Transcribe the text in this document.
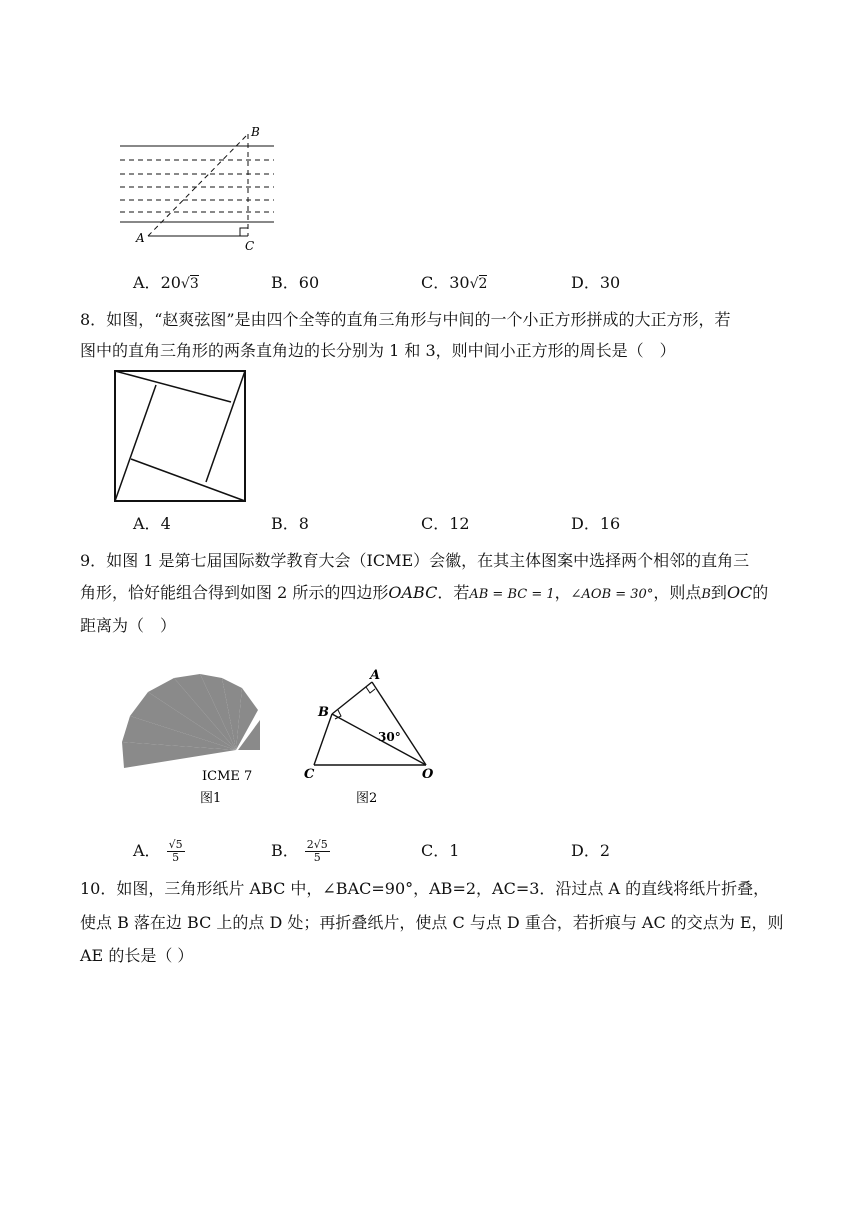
A
B
C
A．20√3	B．60	C．30√2	D．30
8．如图，“赵爽弦图”是由四个全等的直角三角形与中间的一个小正方形拼成的大正方形，若
图中的直角三角形的两条直角边的长分别为 1 和 3，则中间小正方形的周长是（　）
A．4	B．8	C．12	D．16
9．如图 1 是第七届国际数学教育大会（ICME）会徽，在其主体图案中选择两个相邻的直角三
角形，恰好能组合得到如图 2 所示的四边形OABC．若AB = BC = 1，∠AOB = 30°，则点B到OC的
距离为（　）
ICME 7
图1
A
B
C	O
30°
图2
A． $\frac{√5}{5}$	B． $\frac{2√5}{5}$	C．1	D．2
10．如图，三角形纸片 ABC 中，∠BAC=90°，AB=2，AC=3．沿过点 A 的直线将纸片折叠，
使点 B 落在边 BC 上的点 D 处；再折叠纸片，使点 C 与点 D 重合，若折痕与 AC 的交点为 E，则
AE 的长是（ ）
